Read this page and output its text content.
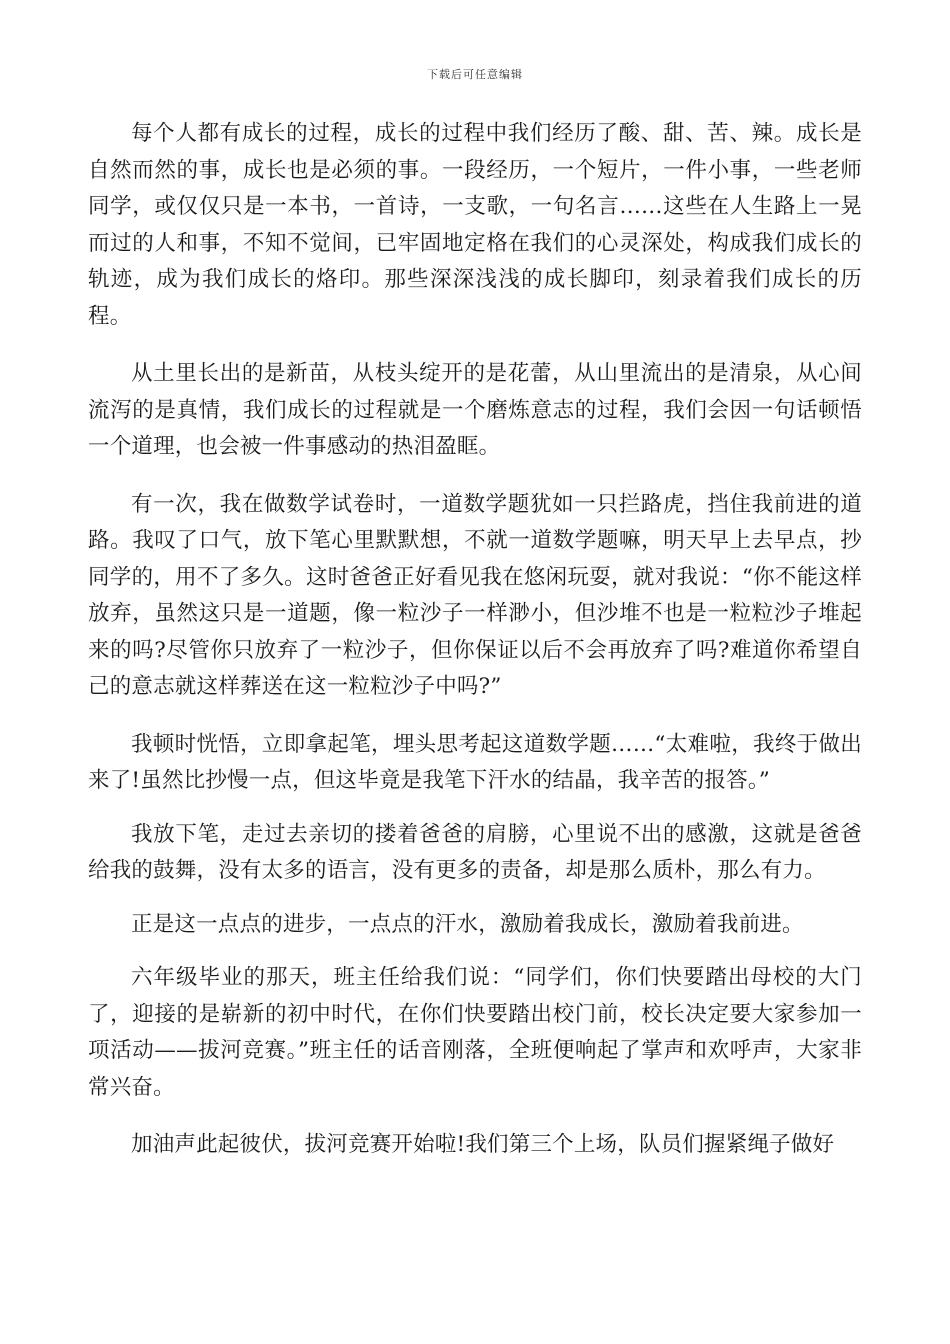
下载后可任意编辑

每个人都有成长的过程，成长的过程中我们经历了酸、甜、苦、辣。成长是自然而然的事，成长也是必须的事。一段经历，一个短片，一件小事，一些老师同学，或仅仅只是一本书，一首诗，一支歌，一句名言……这些在人生路上一晃而过的人和事，不知不觉间，已牢固地定格在我们的心灵深处，构成我们成长的轨迹，成为我们成长的烙印。那些深深浅浅的成长脚印，刻录着我们成长的历程。

从土里长出的是新苗，从枝头绽开的是花蕾，从山里流出的是清泉，从心间流泻的是真情，我们成长的过程就是一个磨炼意志的过程，我们会因一句话顿悟一个道理，也会被一件事感动的热泪盈眶。

有一次，我在做数学试卷时，一道数学题犹如一只拦路虎，挡住我前进的道路。我叹了口气，放下笔心里默默想，不就一道数学题嘛，明天早上去早点，抄同学的，用不了多久。这时爸爸正好看见我在悠闲玩耍，就对我说：“你不能这样放弃，虽然这只是一道题，像一粒沙子一样渺小，但沙堆不也是一粒粒沙子堆起来的吗?尽管你只放弃了一粒沙子，但你保证以后不会再放弃了吗?难道你希望自己的意志就这样葬送在这一粒粒沙子中吗?”

我顿时恍悟，立即拿起笔，埋头思考起这道数学题……“太难啦，我终于做出来了!虽然比抄慢一点，但这毕竟是我笔下汗水的结晶，我辛苦的报答。”

我放下笔，走过去亲切的搂着爸爸的肩膀，心里说不出的感激，这就是爸爸给我的鼓舞，没有太多的语言，没有更多的责备，却是那么质朴，那么有力。

正是这一点点的进步，一点点的汗水，激励着我成长，激励着我前进。

六年级毕业的那天，班主任给我们说：“同学们，你们快要踏出母校的大门了，迎接的是崭新的初中时代，在你们快要踏出校门前，校长决定要大家参加一项活动——拔河竞赛。”班主任的话音刚落，全班便响起了掌声和欢呼声，大家非常兴奋。

加油声此起彼伏，拔河竞赛开始啦!我们第三个上场，队员们握紧绳子做好
